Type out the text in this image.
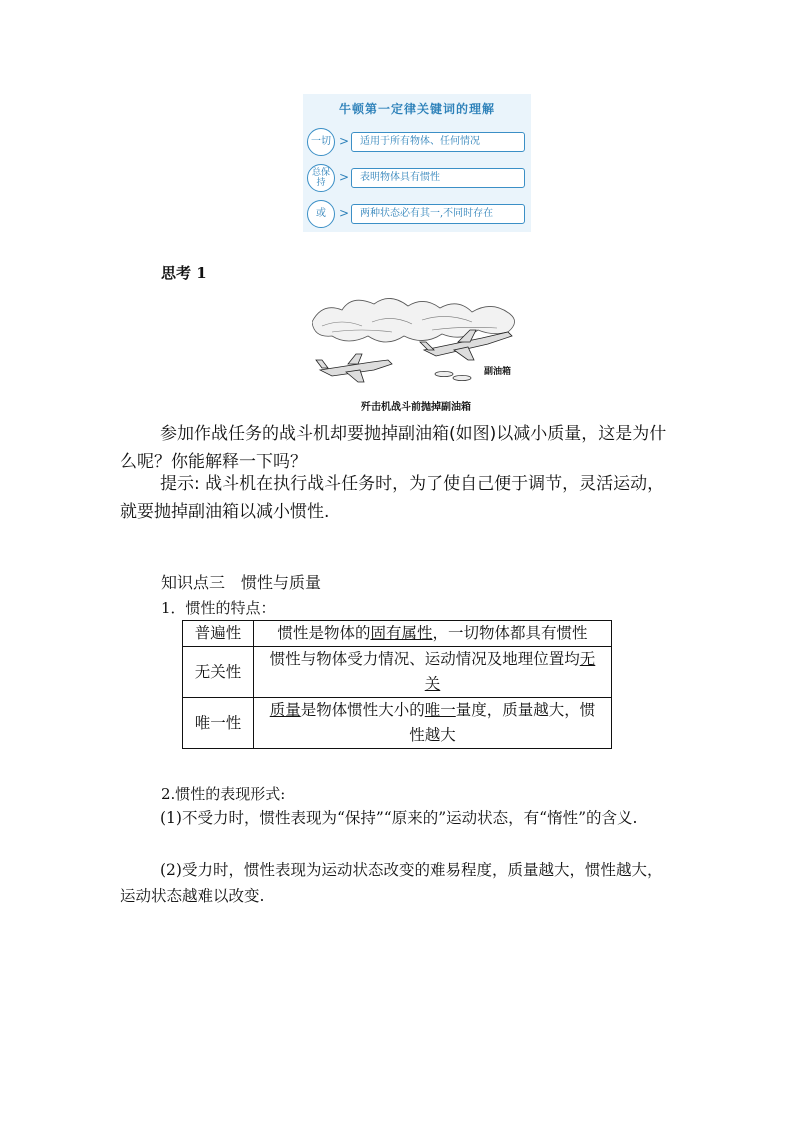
牛顿第一定律关键词的理解
一切 >	适用于所有物体、任何情况
总保持	>	表明物体具有惯性
或	>	两种状态必有其一,不同时存在
思考 1
副油箱
歼击机战斗前抛掉副油箱
参加作战任务的战斗机却要抛掉副油箱(如图)以减小质量，这是为什么呢？你能解释一下吗？
提示: 战斗机在执行战斗任务时，为了使自己便于调节，灵活运动，就要抛掉副油箱以减小惯性.
知识点三　惯性与质量
1．惯性的特点：
普遍性	惯性是物体的固有属性，一切物体都具有惯性
无关性	惯性与物体受力情况、运动情况及地理位置均无关
唯一性	质量是物体惯性大小的唯一量度，质量越大，惯性越大
2.惯性的表现形式:
(1)不受力时，惯性表现为“保持”“原来的”运动状态，有“惰性”的含义.
(2)受力时，惯性表现为运动状态改变的难易程度，质量越大，惯性越大，运动状态越难以改变.
